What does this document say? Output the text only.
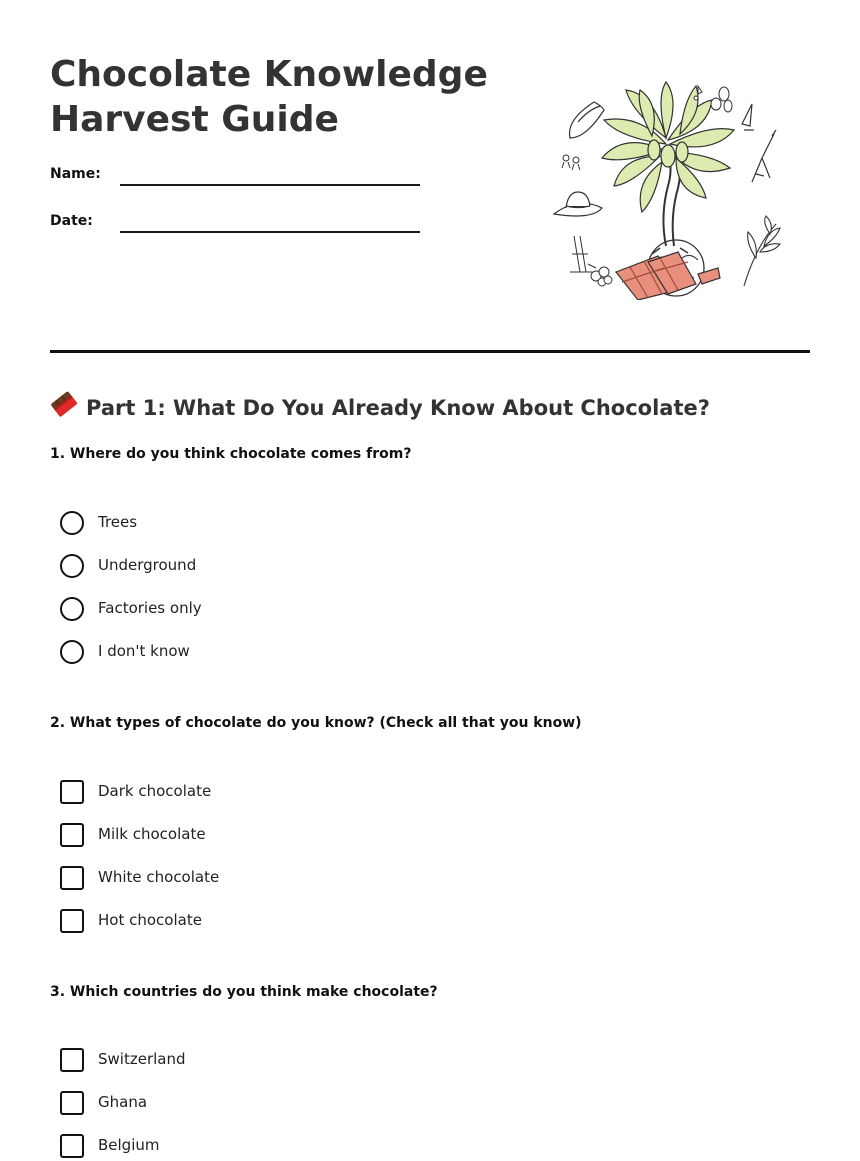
Chocolate Knowledge
Harvest Guide
Name:
Date:
Part 1: What Do You Already Know About Chocolate?

1. Where do you think chocolate comes from?

Trees
Underground
Factories only
I don't know

2. What types of chocolate do you know? (Check all that you know)

Dark chocolate
Milk chocolate
White chocolate
Hot chocolate

3. Which countries do you think make chocolate?

Switzerland
Ghana
Belgium
